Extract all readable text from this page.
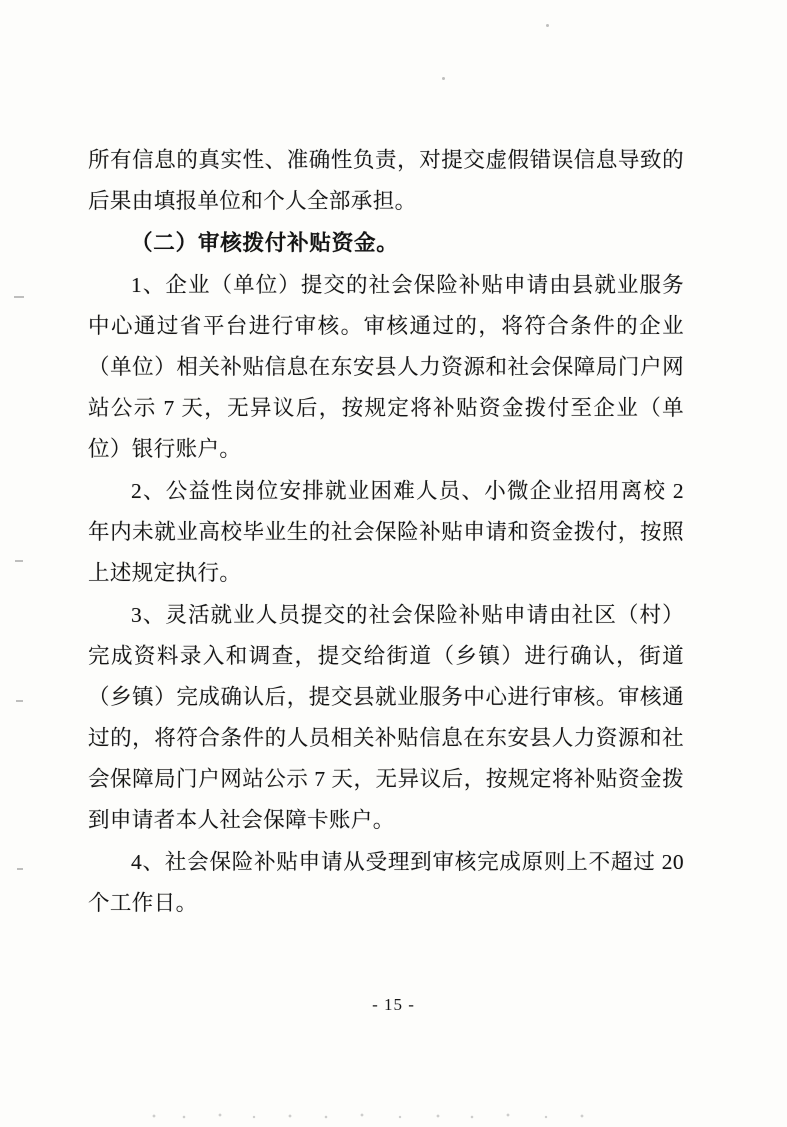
所有信息的真实性、准确性负责，对提交虚假错误信息导致的后果由填报单位和个人全部承担。

（二）审核拨付补贴资金。

1、企业（单位）提交的社会保险补贴申请由县就业服务中心通过省平台进行审核。审核通过的，将符合条件的企业（单位）相关补贴信息在东安县人力资源和社会保障局门户网站公示 7 天，无异议后，按规定将补贴资金拨付至企业（单位）银行账户。

2、公益性岗位安排就业困难人员、小微企业招用离校 2 年内未就业高校毕业生的社会保险补贴申请和资金拨付，按照上述规定执行。

3、灵活就业人员提交的社会保险补贴申请由社区（村）完成资料录入和调查，提交给街道（乡镇）进行确认，街道（乡镇）完成确认后，提交县就业服务中心进行审核。审核通过的，将符合条件的人员相关补贴信息在东安县人力资源和社会保障局门户网站公示 7 天，无异议后，按规定将补贴资金拨到申请者本人社会保障卡账户。

4、社会保险补贴申请从受理到审核完成原则上不超过 20 个工作日。

- 15 -
